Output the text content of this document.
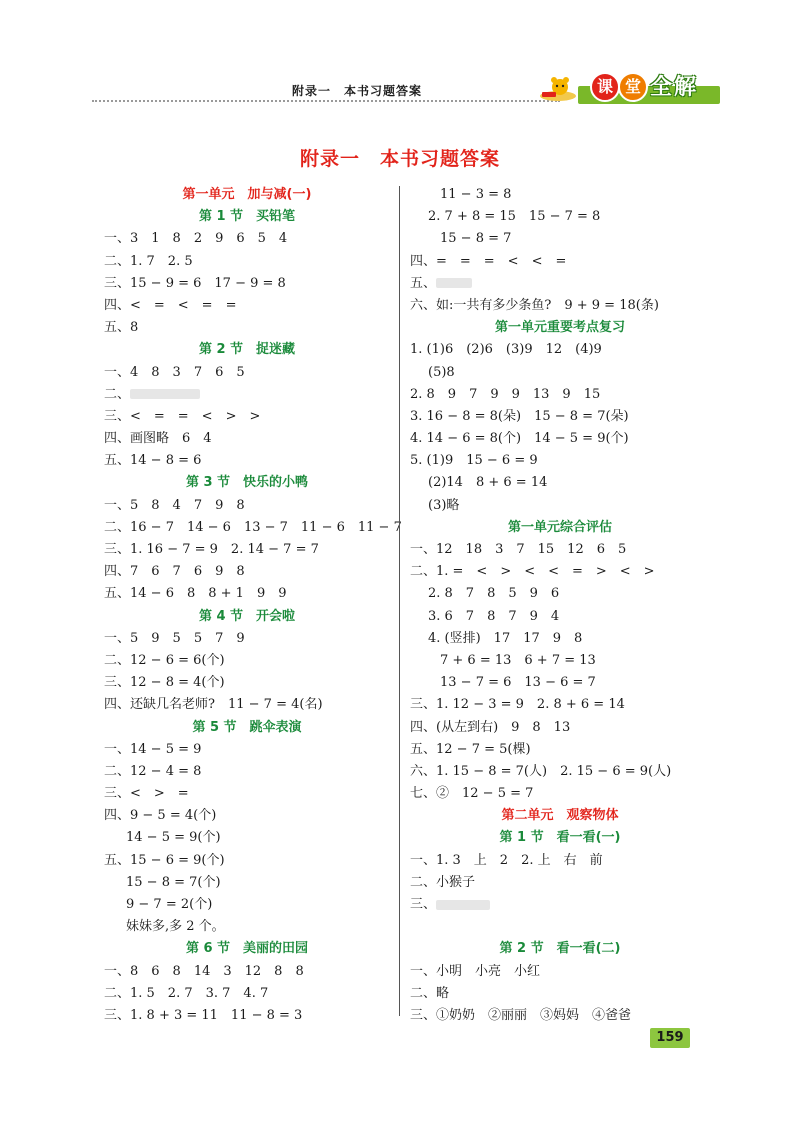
附录一　本书习题答案	课 堂 全解
附录一　本书习题答案
第一单元　加与减(一)
第 1 节　买铅笔
一、3　1　8　2　9　6　5　4
二、1. 7　2. 5
三、15 − 9 = 6　17 − 9 = 8
四、<　=　<　=　=
五、8
第 2 节　捉迷藏
一、4　8　3　7　6　5
二、
三、<　=　=　<　>　>
四、画图略　6　4
五、14 − 8 = 6
第 3 节　快乐的小鸭
一、5　8　4　7　9　8
二、16 − 7　14 − 6　13 − 7　11 − 6　11 − 7
三、1. 16 − 7 = 9　2. 14 − 7 = 7
四、7　6　7　6　9　8
五、14 − 6　8　8 + 1　9　9
第 4 节　开会啦
一、5　9　5　5　7　9
二、12 − 6 = 6(个)
三、12 − 8 = 4(个)
四、还缺几名老师?　11 − 7 = 4(名)
第 5 节　跳伞表演
一、14 − 5 = 9
二、12 − 4 = 8
三、<　>　=
四、9 − 5 = 4(个)
14 − 5 = 9(个)
五、15 − 6 = 9(个)
15 − 8 = 7(个)
9 − 7 = 2(个)
妹妹多,多 2 个。
第 6 节　美丽的田园
一、8　6　8　14　3　12　8　8
二、1. 5　2. 7　3. 7　4. 7
三、1. 8 + 3 = 11　11 − 8 = 3
11 − 3 = 8
2. 7 + 8 = 15　15 − 7 = 8
15 − 8 = 7
四、=　=　=　<　<　=
五、
六、如:一共有多少条鱼?　9 + 9 = 18(条)
第一单元重要考点复习
1. (1)6　(2)6　(3)9　12　(4)9
(5)8
2. 8　9　7　9　9　13　9　15
3. 16 − 8 = 8(朵)　15 − 8 = 7(朵)
4. 14 − 6 = 8(个)　14 − 5 = 9(个)
5. (1)9　15 − 6 = 9
(2)14　8 + 6 = 14
(3)略
第一单元综合评估
一、12　18　3　7　15　12　6　5
二、1. =　<　>　<　<　=　>　<　>
2. 8　7　8　5　9　6
3. 6　7　8　7　9　4
4. (竖排)　17　17　9　8
7 + 6 = 13　6 + 7 = 13
13 − 7 = 6　13 − 6 = 7
三、1. 12 − 3 = 9　2. 8 + 6 = 14
四、(从左到右)　9　8　13
五、12 − 7 = 5(棵)
六、1. 15 − 8 = 7(人)　2. 15 − 6 = 9(人)
七、②　12 − 5 = 7
第二单元　观察物体
第 1 节　看一看(一)
一、1. 3　上　2　2. 上　右　前
二、小猴子
三、
第 2 节　看一看(二)
一、小明　小亮　小红
二、略
三、①奶奶　②丽丽　③妈妈　④爸爸
159
